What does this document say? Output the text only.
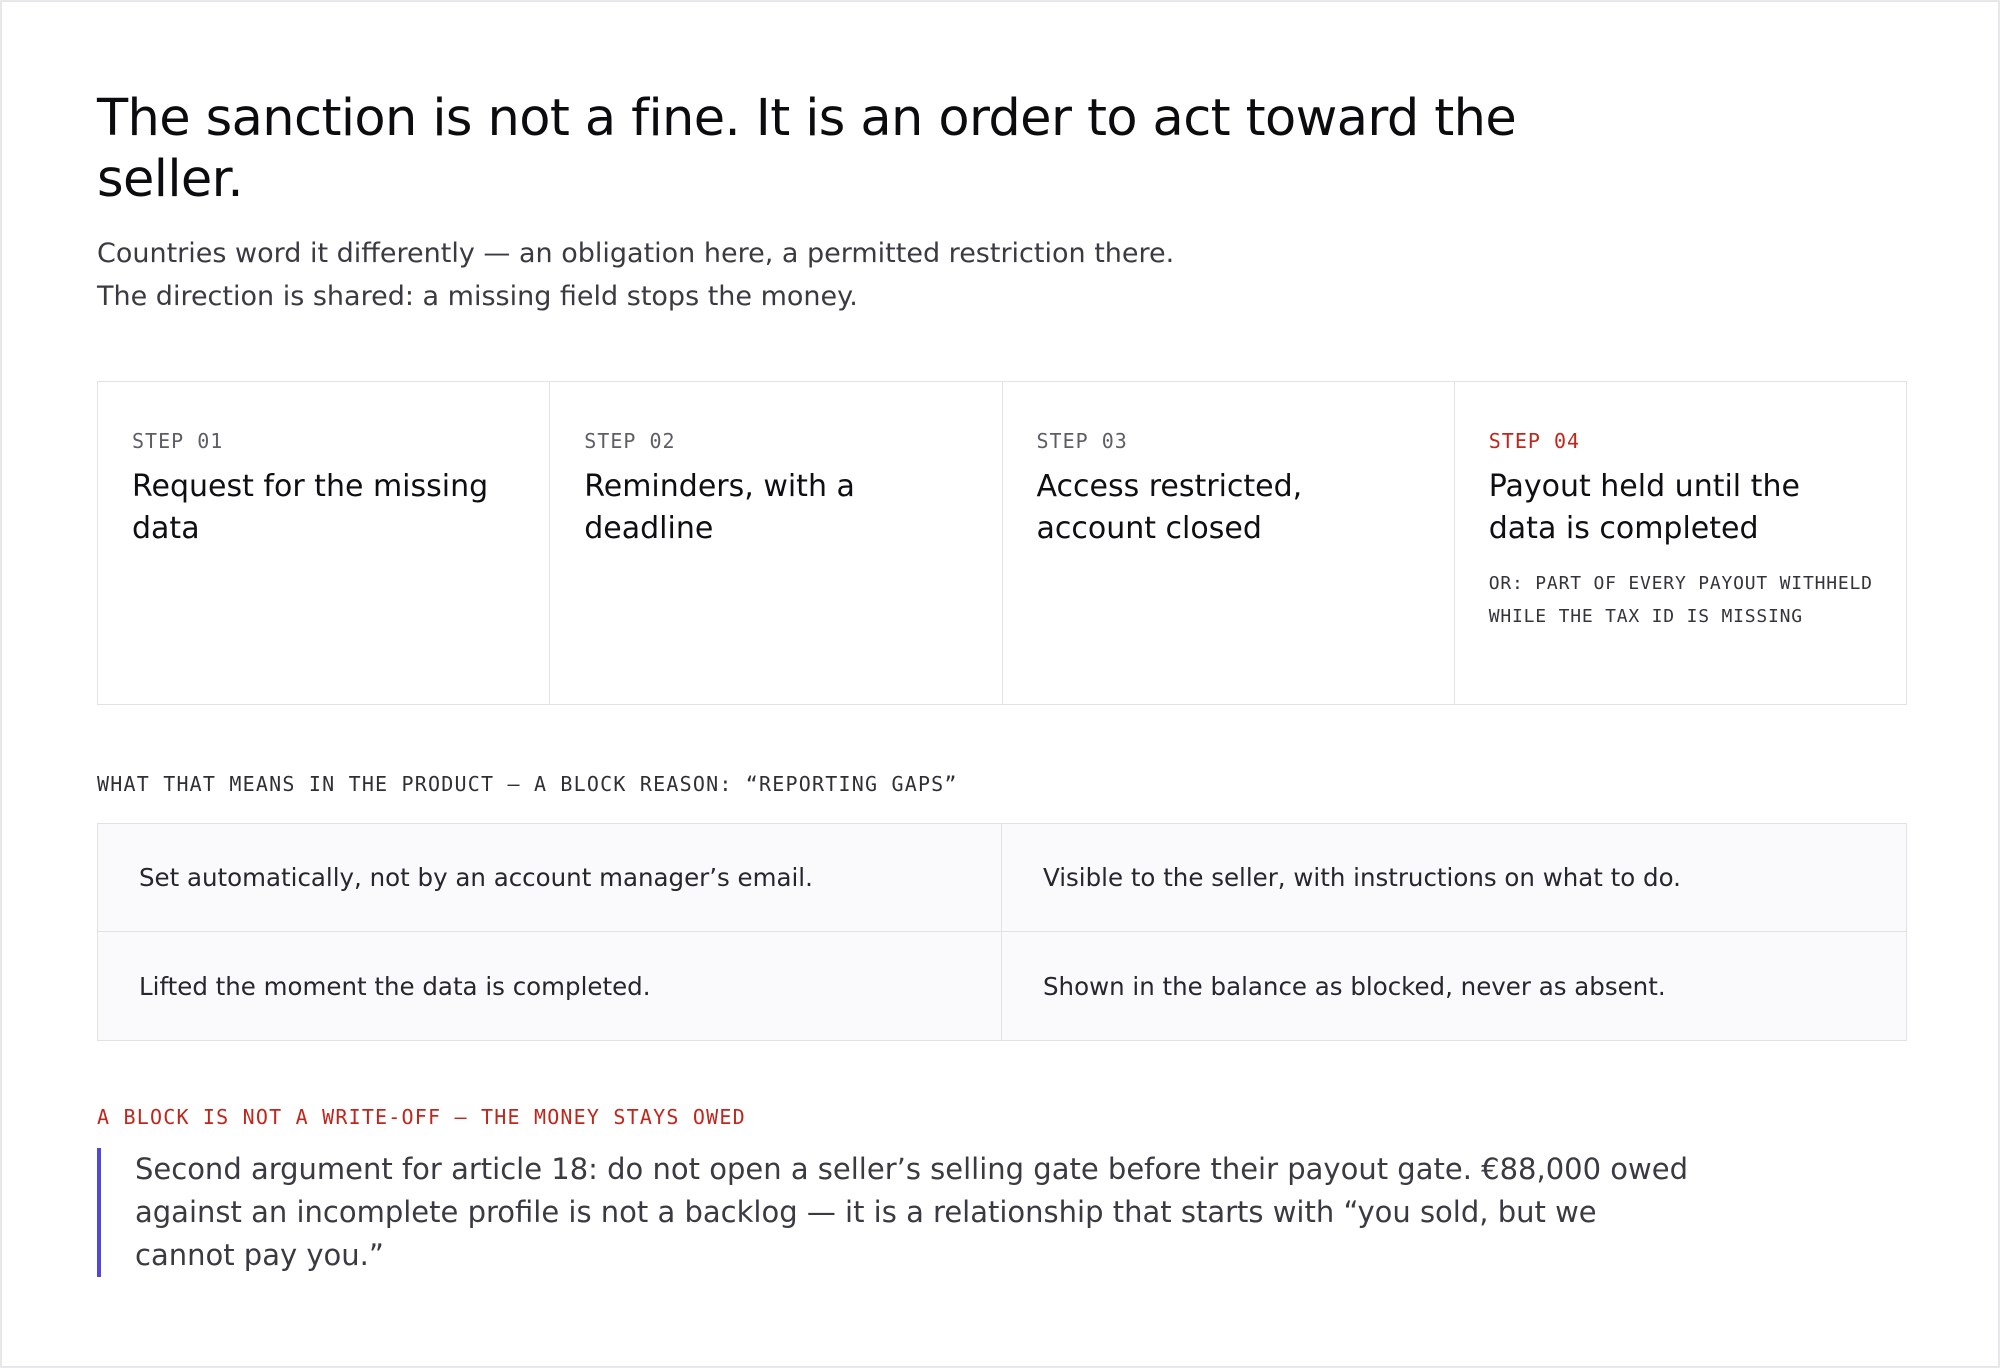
The sanction is not a fine. It is an order to act toward the seller.

Countries word it differently — an obligation here, a permitted restriction there. The direction is shared: a missing field stops the money.

STEP 01
Request for the missing data
STEP 02
Reminders, with a deadline
STEP 03
Access restricted, account closed
STEP 04
Payout held until the data is completed
OR: PART OF EVERY PAYOUT WITHHELD WHILE THE TAX ID IS MISSING
WHAT THAT MEANS IN THE PRODUCT — A BLOCK REASON: “REPORTING GAPS”
Set automatically, not by an account manager’s email.	Visible to the seller, with instructions on what to do.
Lifted the moment the data is completed.	Shown in the balance as blocked, never as absent.
A BLOCK IS NOT A WRITE-OFF — THE MONEY STAYS OWED
Second argument for article 18: do not open a seller’s selling gate before their payout gate. €88,000 owed against an incomplete profile is not a backlog — it is a relationship that starts with “you sold, but we cannot pay you.”
